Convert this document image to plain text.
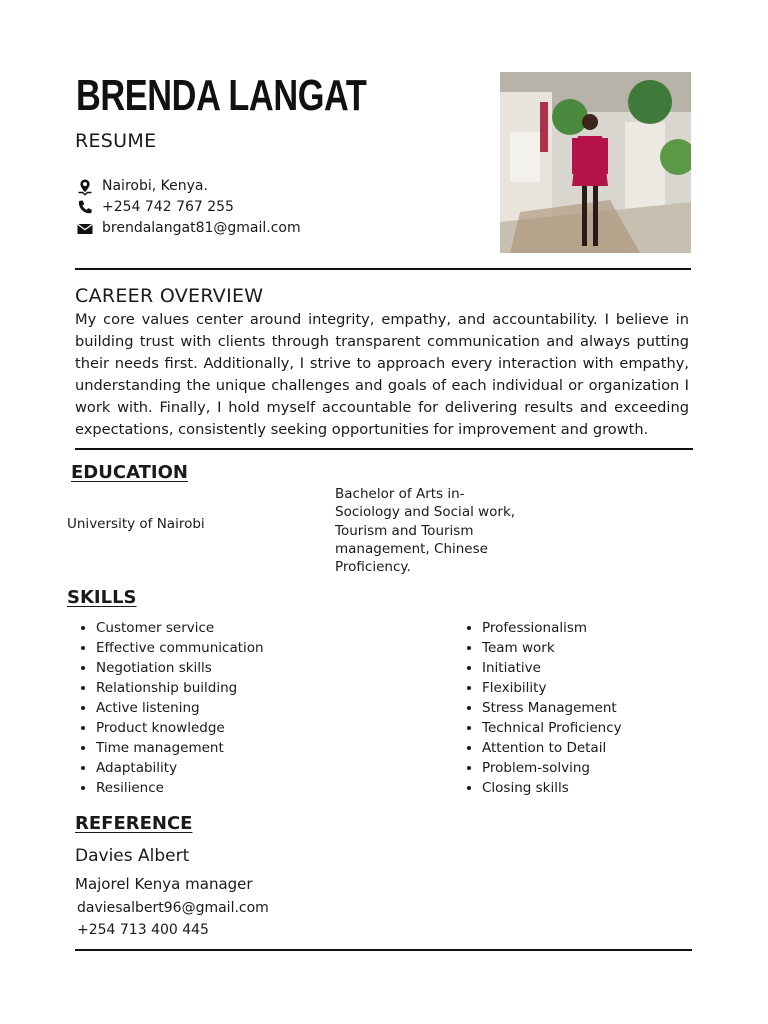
BRENDA LANGAT
RESUME
Nairobi, Kenya.
+254 742 767 255
brendalangat81@gmail.com
CAREER OVERVIEW

My core values center around integrity, empathy, and accountability. I believe in building trust with clients through transparent communication and always putting their needs first. Additionally, I strive to approach every interaction with empathy, understanding the unique challenges and goals of each individual or organization I work with. Finally, I hold myself accountable for delivering results and exceeding expectations, consistently seeking opportunities for improvement and growth.

EDUCATION
University of Nairobi
Bachelor of Arts in- Sociology and Social work, Tourism and Tourism management, Chinese Proficiency.
SKILLS
• Customer service
• Effective communication
• Negotiation skills
• Relationship building
• Active listening
• Product knowledge
• Time management
• Adaptability
• Resilience
• Professionalism
• Team work
• Initiative
• Flexibility
• Stress Management
• Technical Proficiency
• Attention to Detail
• Problem-solving
• Closing skills
REFERENCE
Davies Albert
Majorel Kenya manager
daviesalbert96@gmail.com
+254 713 400 445
